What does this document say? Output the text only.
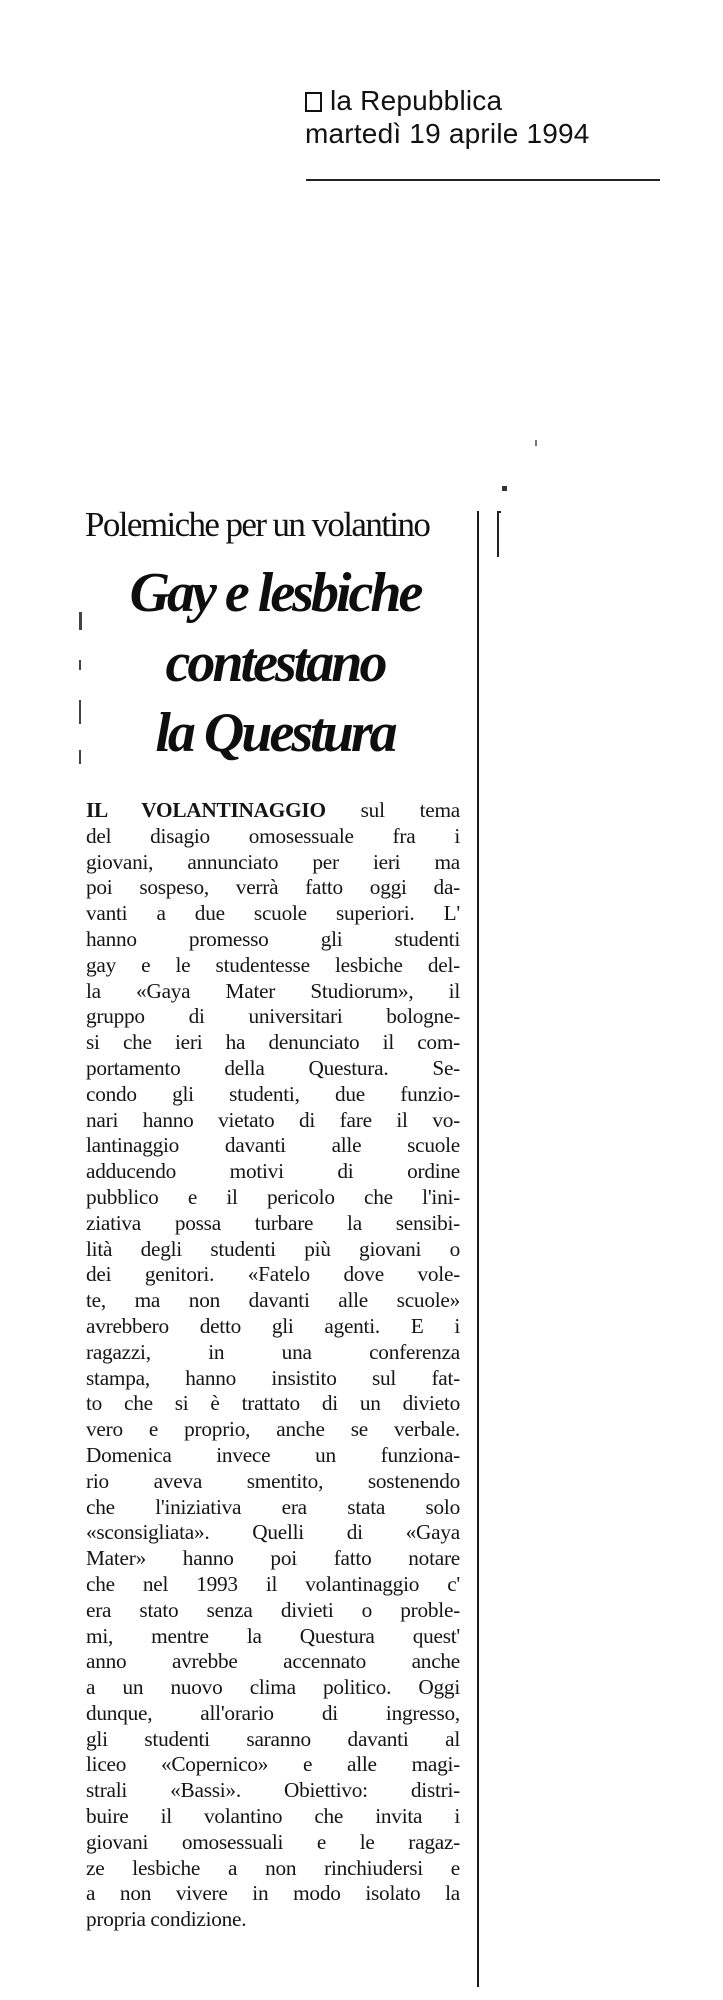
la Repubblica
martedì 19 aprile 1994
Polemiche per un volantino
Gay e lesbiche
contestano
la Questura
IL VOLANTINAGGIO sul tema
del disagio omosessuale fra i
giovani, annunciato per ieri ma
poi sospeso, verrà fatto oggi da-
vanti a due scuole superiori. L'
hanno promesso gli studenti
gay e le studentesse lesbiche del-
la «Gaya Mater Studiorum», il
gruppo di universitari bologne-
si che ieri ha denunciato il com-
portamento della Questura. Se-
condo gli studenti, due funzio-
nari hanno vietato di fare il vo-
lantinaggio davanti alle scuole
adducendo motivi di ordine
pubblico e il pericolo che l'ini-
ziativa possa turbare la sensibi-
lità degli studenti più giovani o
dei genitori. «Fatelo dove vole-
te, ma non davanti alle scuole»
avrebbero detto gli agenti. E i
ragazzi, in una conferenza
stampa, hanno insistito sul fat-
to che si è trattato di un divieto
vero e proprio, anche se verbale.
Domenica invece un funziona-
rio aveva smentito, sostenendo
che l'iniziativa era stata solo
«sconsigliata». Quelli di «Gaya
Mater» hanno poi fatto notare
che nel 1993 il volantinaggio c'
era stato senza divieti o proble-
mi, mentre la Questura quest'
anno avrebbe accennato anche
a un nuovo clima politico. Oggi
dunque, all'orario di ingresso,
gli studenti saranno davanti al
liceo «Copernico» e alle magi-
strali «Bassi». Obiettivo: distri-
buire il volantino che invita i
giovani omosessuali e le ragaz-
ze lesbiche a non rinchiudersi e
a non vivere in modo isolato la
propria condizione.
